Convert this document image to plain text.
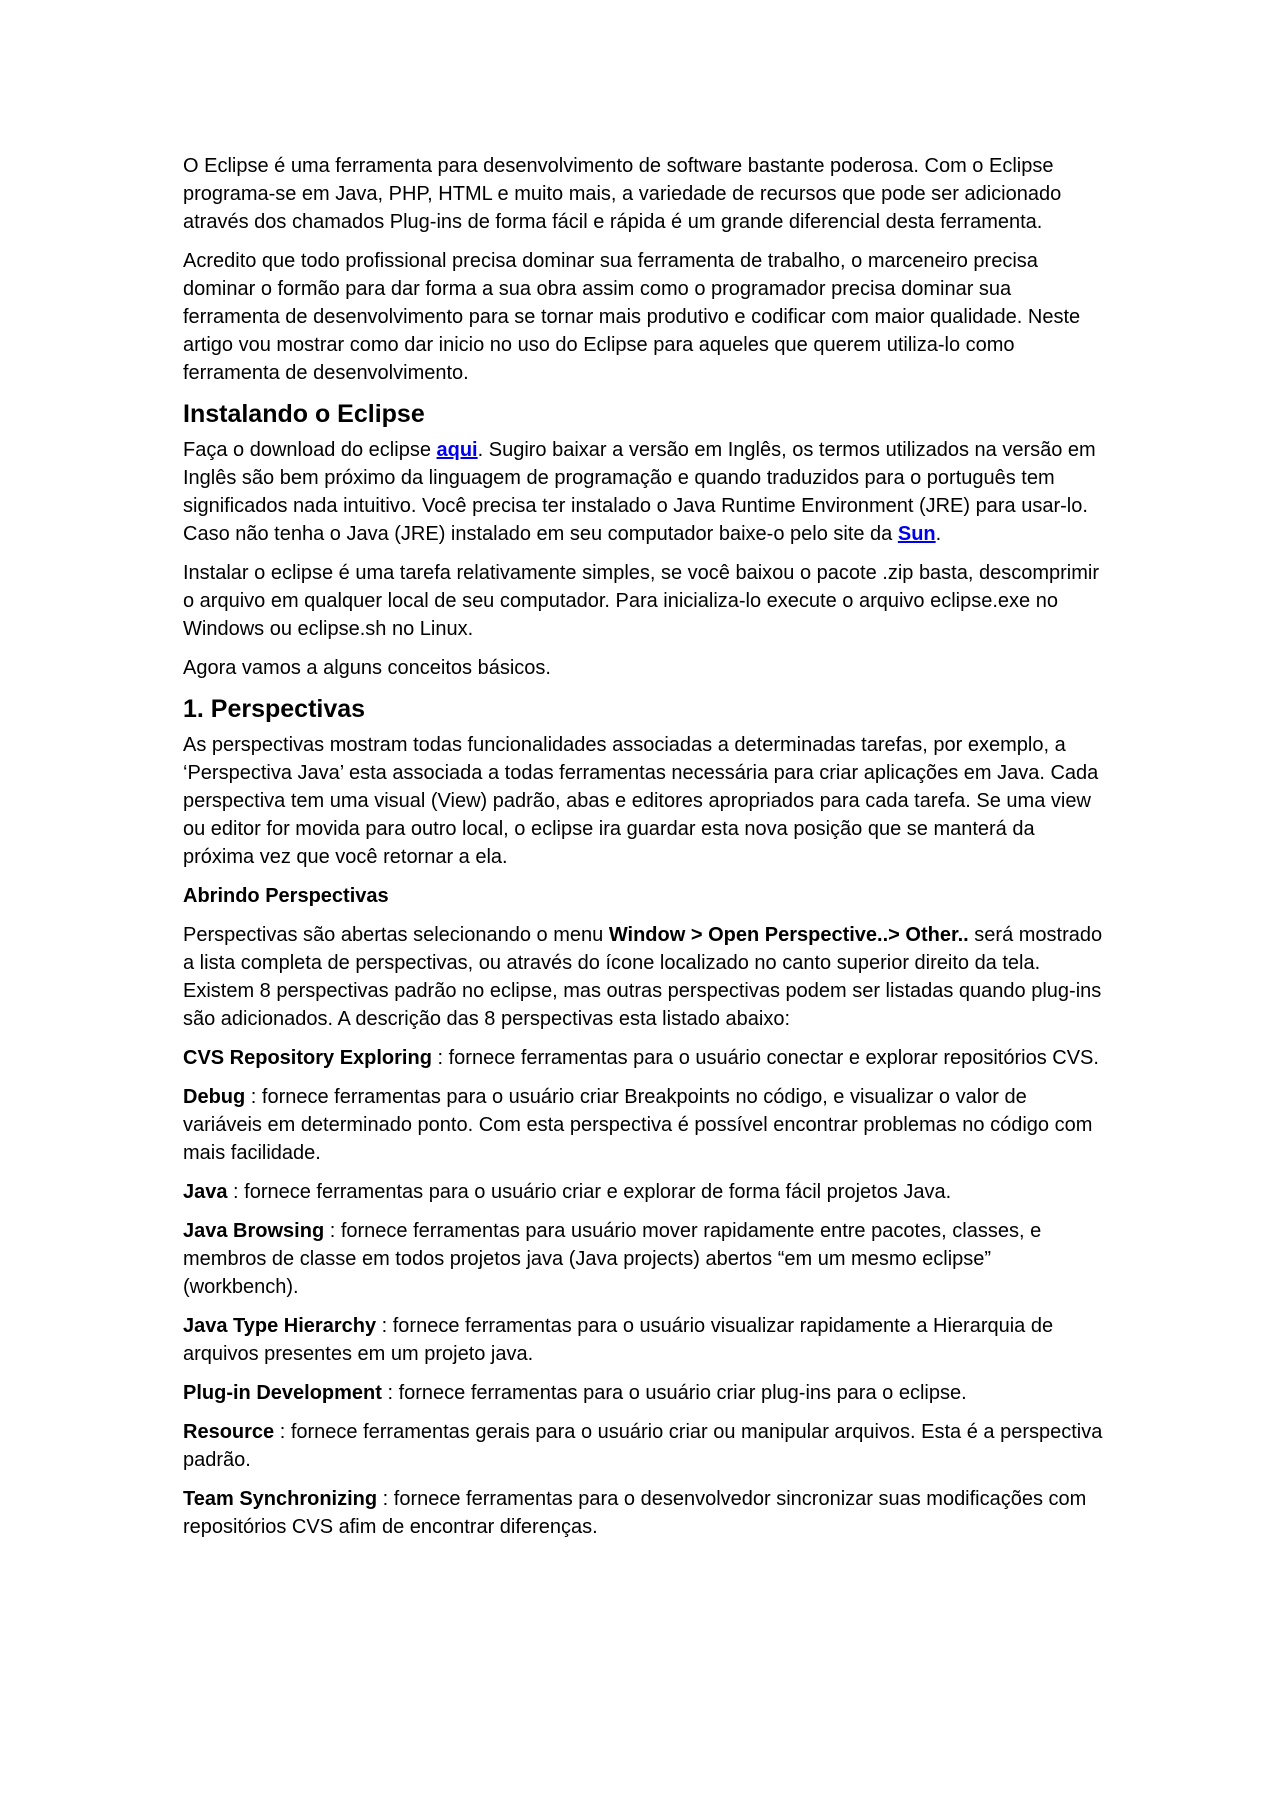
O Eclipse é uma ferramenta para desenvolvimento de software bastante poderosa. Com o Eclipse programa-se em Java, PHP, HTML e muito mais, a variedade de recursos que pode ser adicionado através dos chamados Plug-ins de forma fácil e rápida é um grande diferencial desta ferramenta.

Acredito que todo profissional precisa dominar sua ferramenta de trabalho, o marceneiro precisa dominar o formão para dar forma a sua obra assim como o programador precisa dominar sua ferramenta de desenvolvimento para se tornar mais produtivo e codificar com maior qualidade. Neste artigo vou mostrar como dar inicio no uso do Eclipse para aqueles que querem utiliza-lo como ferramenta de desenvolvimento.

Instalando o Eclipse

Faça o download do eclipse aqui. Sugiro baixar a versão em Inglês, os termos utilizados na versão em Inglês são bem próximo da linguagem de programação e quando traduzidos para o português tem significados nada intuitivo. Você precisa ter instalado o Java Runtime Environment (JRE) para usar-lo. Caso não tenha o Java (JRE) instalado em seu computador baixe-o pelo site da Sun.

Instalar o eclipse é uma tarefa relativamente simples, se você baixou o pacote .zip basta, descomprimir o arquivo em qualquer local de seu computador. Para inicializa-lo execute o arquivo eclipse.exe no Windows ou eclipse.sh no Linux.

Agora vamos a alguns conceitos básicos.

1. Perspectivas

As perspectivas mostram todas funcionalidades associadas a determinadas tarefas, por exemplo, a ‘Perspectiva Java’ esta associada a todas ferramentas necessária para criar aplicações em Java. Cada perspectiva tem uma visual (View) padrão, abas e editores apropriados para cada tarefa. Se uma view ou editor for movida para outro local, o eclipse ira guardar esta nova posição que se manterá da próxima vez que você retornar a ela.

Abrindo Perspectivas

Perspectivas são abertas selecionando o menu Window > Open Perspective..> Other.. será mostrado a lista completa de perspectivas, ou através do ícone localizado no canto superior direito da tela. Existem 8 perspectivas padrão no eclipse, mas outras perspectivas podem ser listadas quando plug-ins são adicionados. A descrição das 8 perspectivas esta listado abaixo:

CVS Repository Exploring : fornece ferramentas para o usuário conectar e explorar repositórios CVS.

Debug : fornece ferramentas para o usuário criar Breakpoints no código, e visualizar o valor de variáveis em determinado ponto. Com esta perspectiva é possível encontrar problemas no código com mais facilidade.

Java : fornece ferramentas para o usuário criar e explorar de forma fácil projetos Java.

Java Browsing : fornece ferramentas para usuário mover rapidamente entre pacotes, classes, e membros de classe em todos projetos java (Java projects) abertos “em um mesmo eclipse” (workbench).

Java Type Hierarchy : fornece ferramentas para o usuário visualizar rapidamente a Hierarquia de arquivos presentes em um projeto java.

Plug-in Development : fornece ferramentas para o usuário criar plug-ins para o eclipse.

Resource : fornece ferramentas gerais para o usuário criar ou manipular arquivos. Esta é a perspectiva padrão.

Team Synchronizing : fornece ferramentas para o desenvolvedor sincronizar suas modificações com repositórios CVS afim de encontrar diferenças.
